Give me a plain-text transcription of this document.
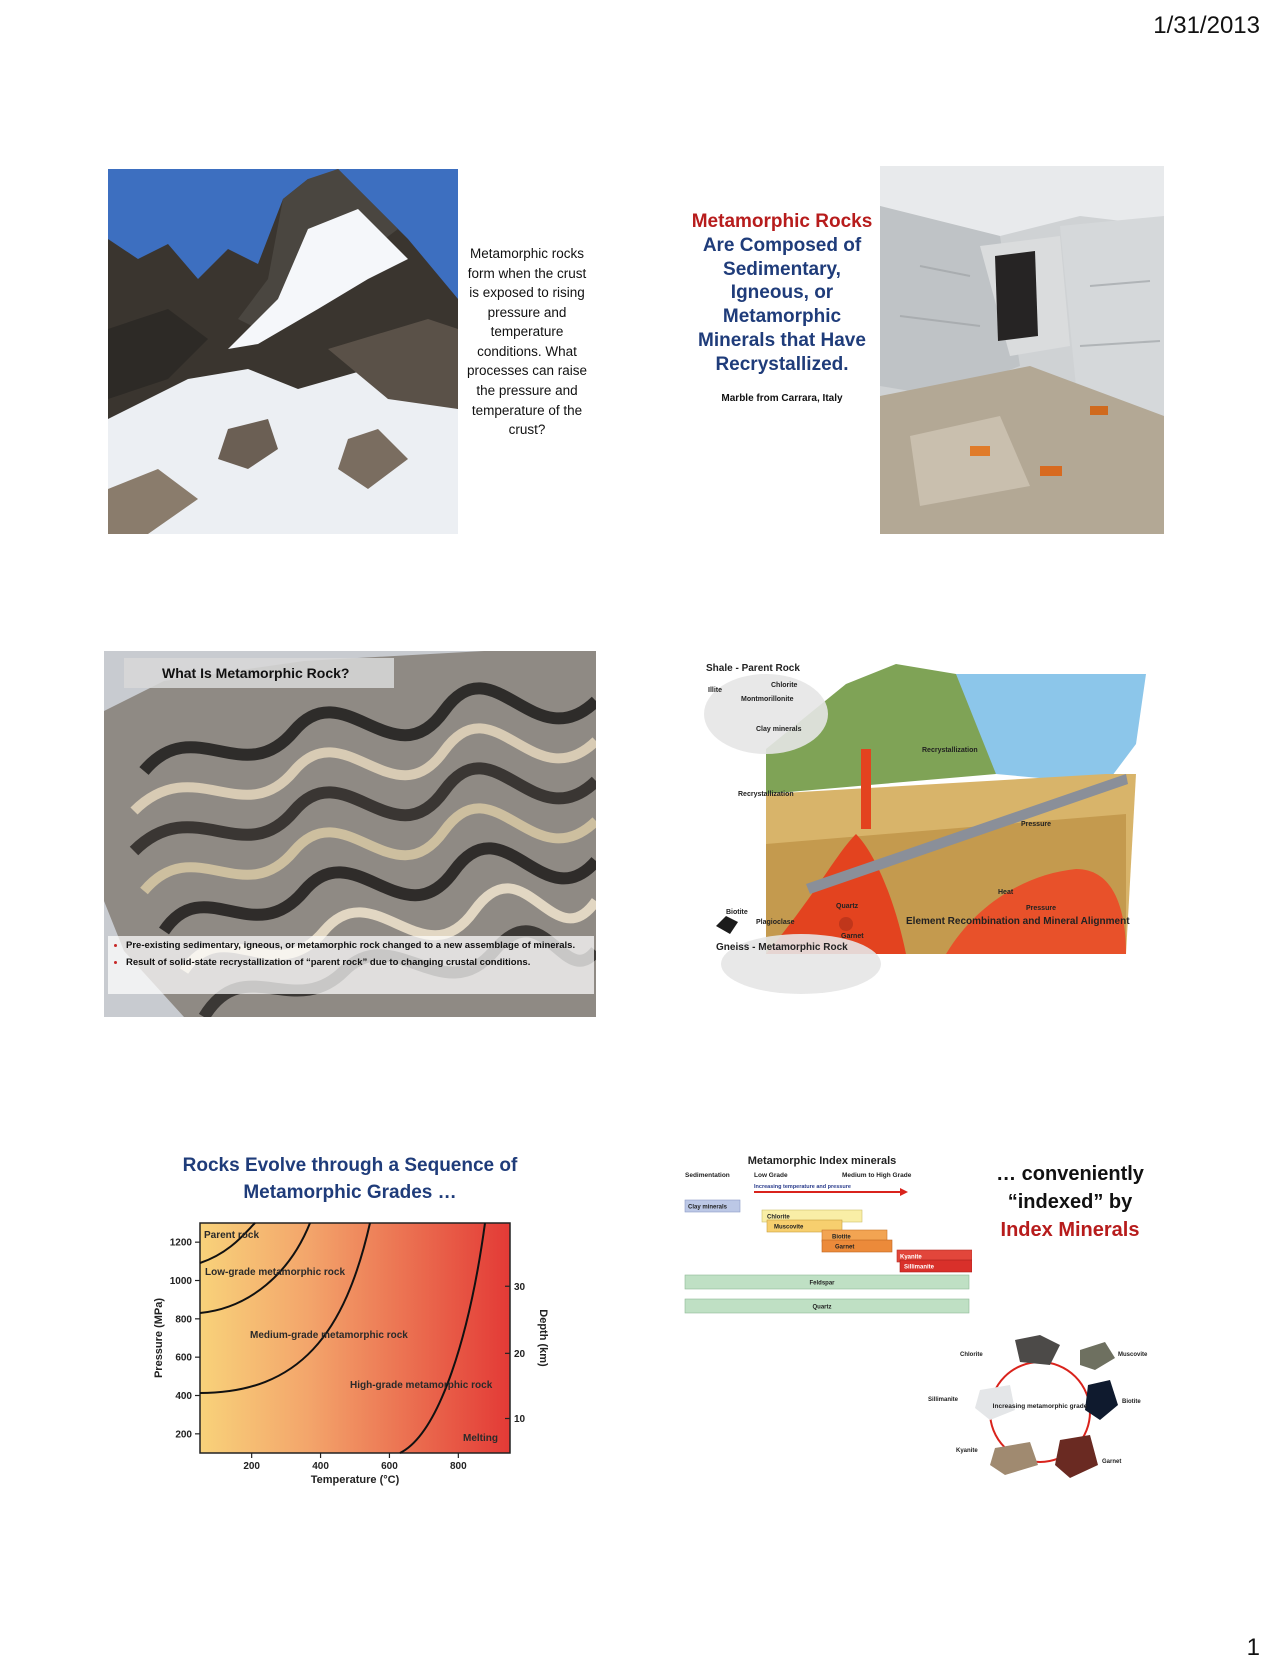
1/31/2013
Metamorphic rocks form when the crust is exposed to rising pressure and temperature conditions. What processes can raise the pressure and temperature of the crust?
Metamorphic Rocks
Are Composed of Sedimentary, Igneous, or Metamorphic Minerals that Have Recrystallized.
Marble from Carrara, Italy
What Is Metamorphic Rock?
• Pre-existing sedimentary, igneous, or metamorphic rock changed to a new assemblage of minerals.
• Result of solid-state recrystallization of “parent rock” due to changing crustal conditions.
Shale - Parent Rock
Chlorite
Illite
Montmorillonite
Clay minerals
Recrystallization
Recrystallization
Pressure
Heat
Pressure
Biotite
Quartz
Plagioclase
Garnet
Gneiss - Metamorphic Rock
Element Recombination and Mineral Alignment
Rocks Evolve through a Sequence of Metamorphic Grades …
200	400	600	800
200
400
600
800
1000
1200
10
20
30
Parent rock
Low-grade metamorphic rock
Medium-grade metamorphic rock
High-grade metamorphic rock
Melting
Temperature (°C)
Pressure (MPa)	Depth (km)
Metamorphic Index minerals
Sedimentation	Low Grade	Medium to High Grade
Increasing temperature and pressure
Clay minerals
Chlorite
Muscovite
Biotite
Garnet
Kyanite
Sillimanite
Feldspar
Quartz
… conveniently “indexed” by
Index Minerals
Chlorite	Muscovite
Biotite
Garnet
Kyanite
Sillimanite
Increasing metamorphic grade
1
